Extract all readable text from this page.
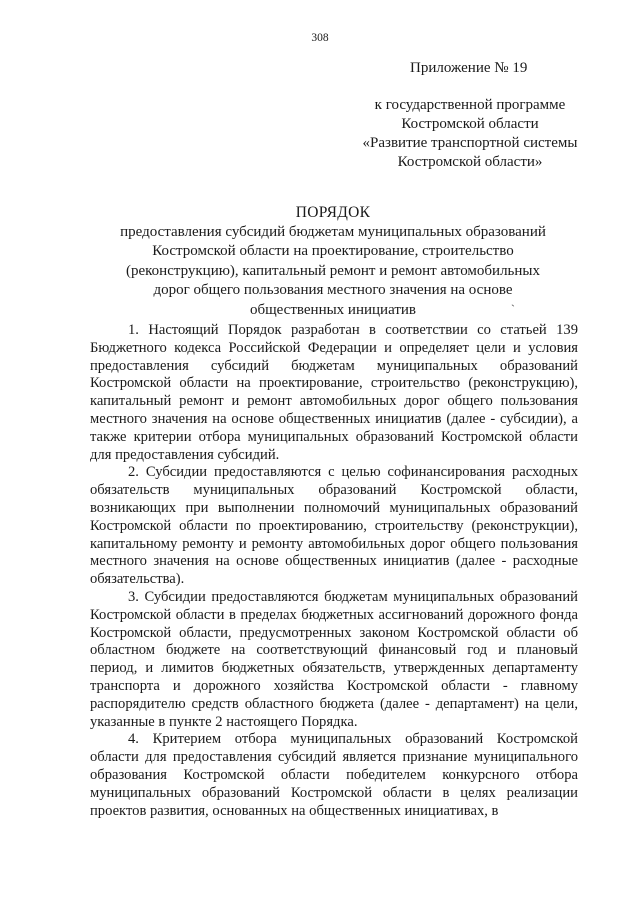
308
Приложение № 19
к государственной программе
Костромской области
«Развитие транспортной системы
Костромской области»
ПОРЯДОК
предоставления субсидий бюджетам муниципальных образований
Костромской области на проектирование, строительство
(реконструкцию), капитальный ремонт и ремонт автомобильных
дорог общего пользования местного значения на основе
общественных инициатив	`

1. Настоящий Порядок разработан в соответствии со статьей 139 Бюджетного кодекса Российской Федерации и определяет цели и условия предоставления субсидий бюджетам муниципальных образований Костромской области на проектирование, строительство (реконструкцию), капитальный ремонт и ремонт автомобильных дорог общего пользования местного значения на основе общественных инициатив (далее - субсидии), а также критерии отбора муниципальных образований Костромской области для предоставления субсидий.

2. Субсидии предоставляются с целью софинансирования расходных обязательств муниципальных образований Костромской области, возникающих при выполнении полномочий муниципальных образований Костромской области по проектированию, строительству (реконструкции), капитальному ремонту и ремонту автомобильных дорог общего пользования местного значения на основе общественных инициатив (далее - расходные обязательства).

3. Субсидии предоставляются бюджетам муниципальных образований Костромской области в пределах бюджетных ассигнований дорожного фонда Костромской области, предусмотренных законом Костромской области об областном бюджете на соответствующий финансовый год и плановый период, и лимитов бюджетных обязательств, утвержденных департаменту транспорта и дорожного хозяйства Костромской области - главному распорядителю средств областного бюджета (далее - департамент) на цели, указанные в пункте 2 настоящего Порядка.

4. Критерием отбора муниципальных образований Костромской области для предоставления субсидий является признание муниципального образования Костромской области победителем конкурсного отбора муниципальных образований Костромской области в целях реализации проектов развития, основанных на общественных инициативах, в
